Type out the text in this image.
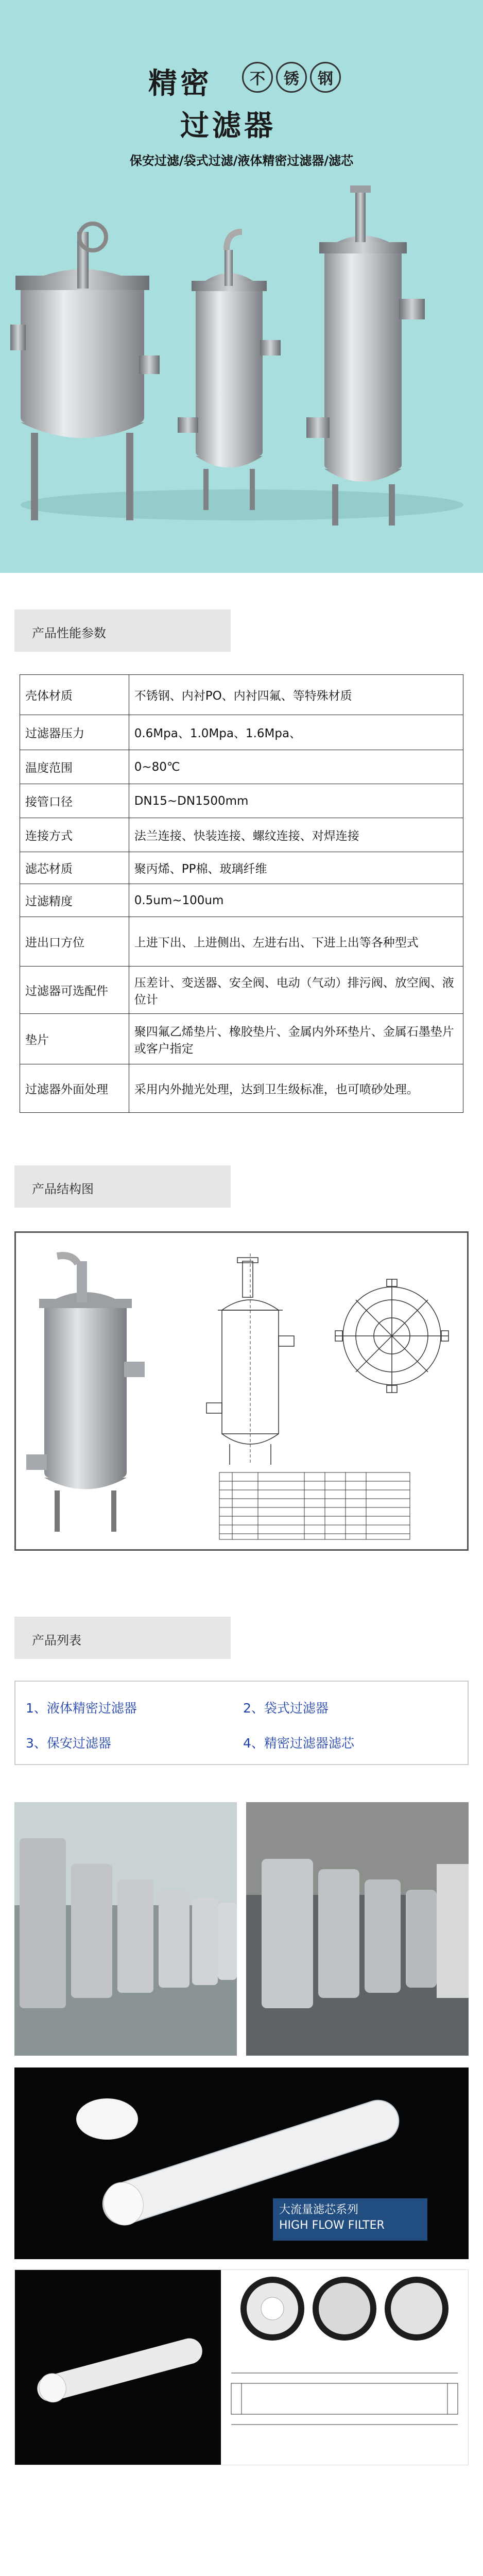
精密	不	锈	钢
过滤器
保安过滤/袋式过滤/液体精密过滤器/滤芯
产品性能参数
壳体材质	不锈钢、内衬PO、内衬四氟、等特殊材质
过滤器压力	0.6Mpa、1.0Mpa、1.6Mpa、
温度范围	0~80℃
接管口径	DN15~DN1500mm
连接方式	法兰连接、快装连接、螺纹连接、对焊连接
滤芯材质	聚丙烯、PP棉、玻璃纤维
过滤精度	0.5um~100um
进出口方位	上进下出、上进侧出、左进右出、下进上出等各种型式
过滤器可选配件	压差计、变送器、安全阀、电动（气动）排污阀、放空阀、液位计
垫片	聚四氟乙烯垫片、橡胶垫片、金属内外环垫片、金属石墨垫片或客户指定
过滤器外面处理	采用内外抛光处理，达到卫生级标准，也可喷砂处理。
产品结构图
产品列表
1、液体精密过滤器	2、袋式过滤器
3、保安过滤器	4、精密过滤器滤芯
大流量滤芯系列
HIGH FLOW FILTER
